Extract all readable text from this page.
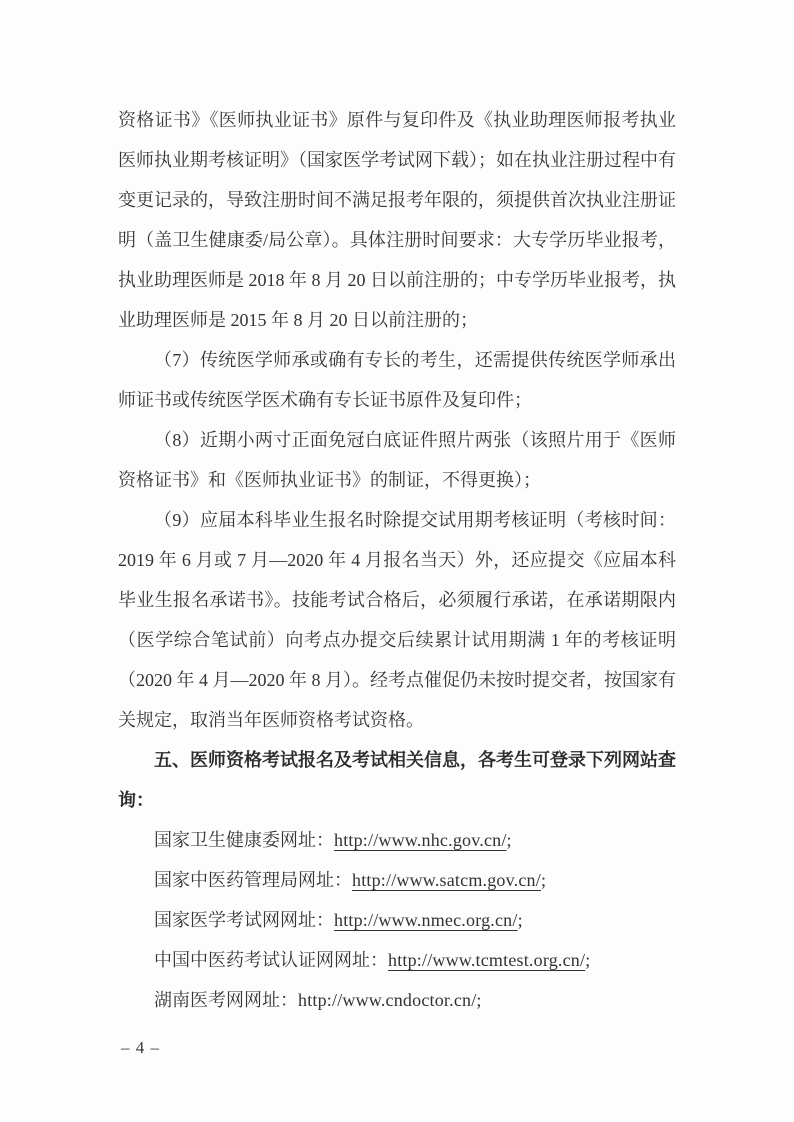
资格证书》《医师执业证书》原件与复印件及《执业助理医师报考执业医师执业期考核证明》（国家医学考试网下载）；如在执业注册过程中有变更记录的，导致注册时间不满足报考年限的，须提供首次执业注册证明（盖卫生健康委/局公章）。具体注册时间要求：大专学历毕业报考，执业助理医师是 2018 年 8 月 20 日以前注册的；中专学历毕业报考，执业助理医师是 2015 年 8 月 20 日以前注册的；

（7）传统医学师承或确有专长的考生，还需提供传统医学师承出师证书或传统医学医术确有专长证书原件及复印件；

（8）近期小两寸正面免冠白底证件照片两张（该照片用于《医师资格证书》和《医师执业证书》的制证，不得更换）；

（9）应届本科毕业生报名时除提交试用期考核证明（考核时间：2019 年 6 月或 7 月—2020 年 4 月报名当天）外，还应提交《应届本科毕业生报名承诺书》。技能考试合格后，必须履行承诺，在承诺期限内（医学综合笔试前）向考点办提交后续累计试用期满 1 年的考核证明（2020 年 4 月—2020 年 8 月）。经考点催促仍未按时提交者，按国家有关规定，取消当年医师资格考试资格。

五、医师资格考试报名及考试相关信息，各考生可登录下列网站查询：

国家卫生健康委网址：http://www.nhc.gov.cn/;

国家中医药管理局网址：http://www.satcm.gov.cn/;

国家医学考试网网址：http://www.nmec.org.cn/;

中国中医药考试认证网网址：http://www.tcmtest.org.cn/;

湖南医考网网址：http://www.cndoctor.cn/;

– 4 –
